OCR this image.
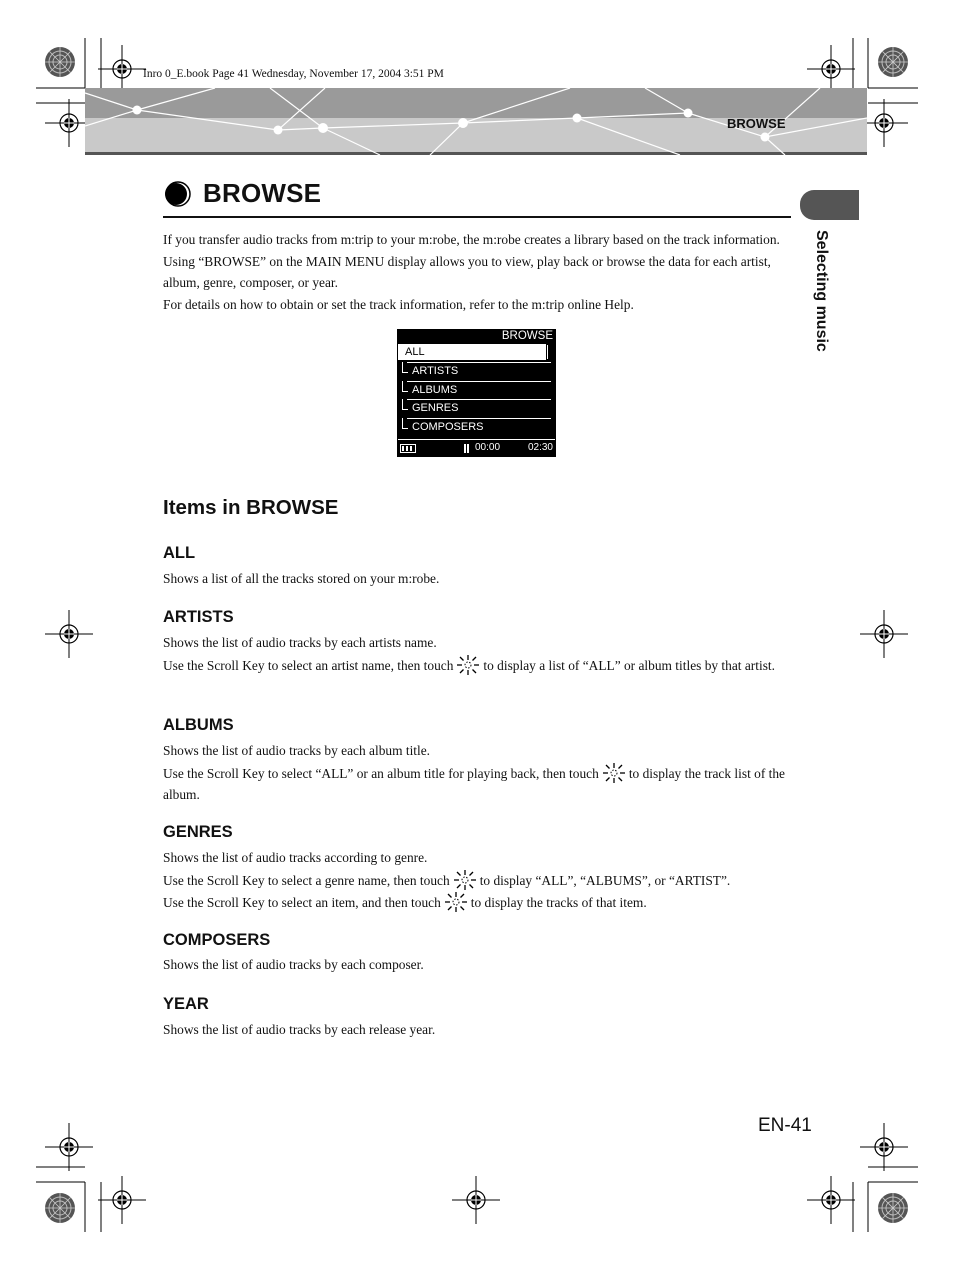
Inro 0_E.book Page 41 Wednesday, November 17, 2004 3:51 PM
BROWSE
Selecting music
BROWSE

If you transfer audio tracks from m:trip to your m:robe, the m:robe creates a library based on the track information. Using “BROWSE” on the MAIN MENU display allows you to view, play back or browse the data for each artist, album, genre, composer, or year.

For details on how to obtain or set the track information, refer to the m:trip online Help.

BROWSE
ALL
ARTISTS
ALBUMS
GENRES
COMPOSERS
00:00	02:30
Items in BROWSE
ALL

Shows a list of all the tracks stored on your m:robe.

ARTISTS

Shows the list of audio tracks by each artists name.

Use the Scroll Key to select an artist name, then touch to display a list of “ALL” or album titles by that artist.

ALBUMS

Shows the list of audio tracks by each album title.

Use the Scroll Key to select “ALL” or an album title for playing back, then touch to display the track list of the album.

GENRES

Shows the list of audio tracks according to genre.

Use the Scroll Key to select a genre name, then touch to display “ALL”, “ALBUMS”, or “ARTIST”.

Use the Scroll Key to select an item, and then touch to display the tracks of that item.

COMPOSERS

Shows the list of audio tracks by each composer.

YEAR

Shows the list of audio tracks by each release year.

EN-41
